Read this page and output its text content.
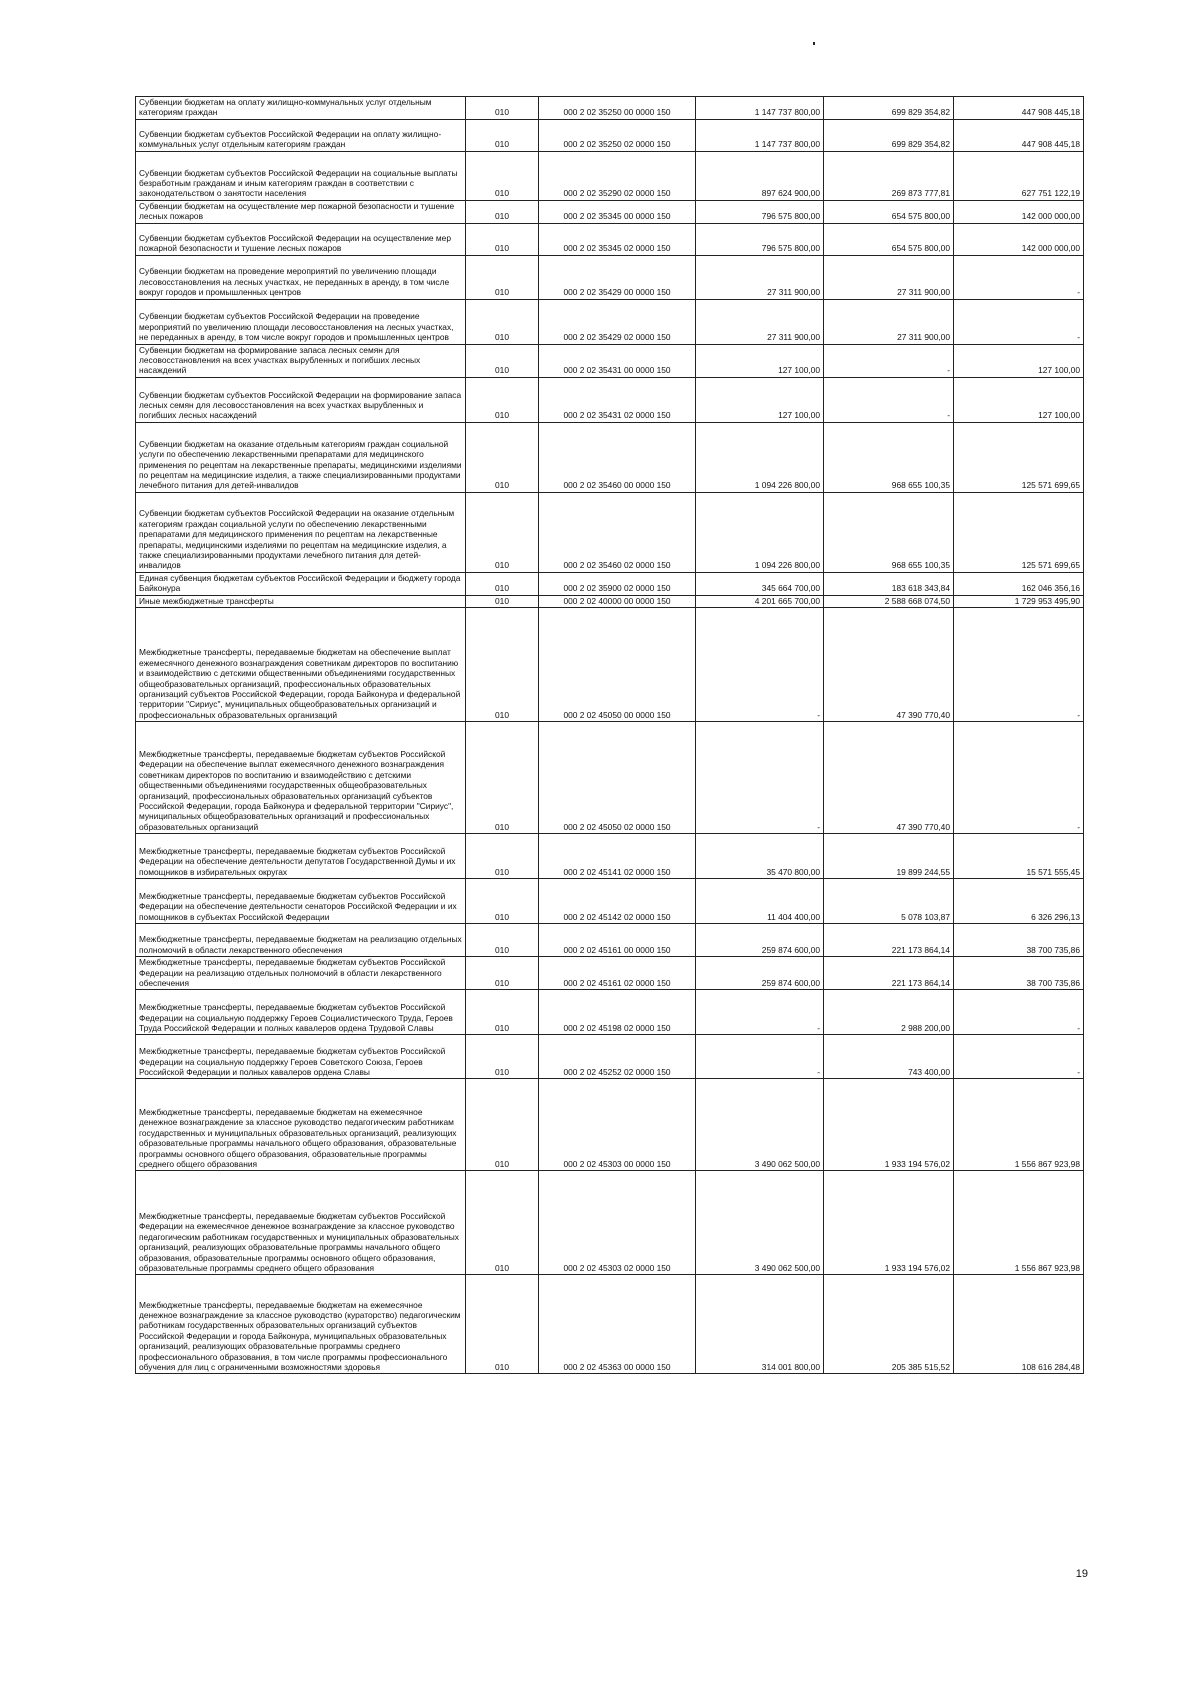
Субвенции бюджетам на оплату жилищно-коммунальных услуг отдельным категориям граждан	010	000 2 02 35250 00 0000 150	1 147 737 800,00	699 829 354,82	447 908 445,18
Субвенции бюджетам субъектов Российской Федерации на оплату жилищно-коммунальных услуг отдельным категориям граждан	010	000 2 02 35250 02 0000 150	1 147 737 800,00	699 829 354,82	447 908 445,18
Субвенции бюджетам субъектов Российской Федерации на социальные выплаты безработным гражданам и иным категориям граждан в соответствии с законодательством о занятости населения	010	000 2 02 35290 02 0000 150	897 624 900,00	269 873 777,81	627 751 122,19
Субвенции бюджетам на осуществление мер пожарной безопасности и тушение лесных пожаров	010	000 2 02 35345 00 0000 150	796 575 800,00	654 575 800,00	142 000 000,00
Субвенции бюджетам субъектов Российской Федерации на осуществление мер пожарной безопасности и тушение лесных пожаров	010	000 2 02 35345 02 0000 150	796 575 800,00	654 575 800,00	142 000 000,00
Субвенции бюджетам на проведение мероприятий по увеличению площади лесовосстановления на лесных участках, не переданных в аренду, в том числе вокруг городов и промышленных центров	010	000 2 02 35429 00 0000 150	27 311 900,00	27 311 900,00	-
Субвенции бюджетам субъектов Российской Федерации на проведение мероприятий по увеличению площади лесовосстановления на лесных участках, не переданных в аренду, в том числе вокруг городов и промышленных центров	010	000 2 02 35429 02 0000 150	27 311 900,00	27 311 900,00	-
Субвенции бюджетам на формирование запаса лесных семян для лесовосстановления на всех участках вырубленных и погибших лесных насаждений	010	000 2 02 35431 00 0000 150	127 100,00	-	127 100,00
Субвенции бюджетам субъектов Российской Федерации на формирование запаса лесных семян для лесовосстановления на всех участках вырубленных и погибших лесных насаждений	010	000 2 02 35431 02 0000 150	127 100,00	-	127 100,00
Субвенции бюджетам на оказание отдельным категориям граждан социальной услуги по обеспечению лекарственными препаратами для медицинского применения по рецептам на лекарственные препараты, медицинскими изделиями по рецептам на медицинские изделия, а также специализированными продуктами лечебного питания для детей-инвалидов	010	000 2 02 35460 00 0000 150	1 094 226 800,00	968 655 100,35	125 571 699,65
Субвенции бюджетам субъектов Российской Федерации на оказание отдельным категориям граждан социальной услуги по обеспечению лекарственными препаратами для медицинского применения по рецептам на лекарственные препараты, медицинскими изделиями по рецептам на медицинские изделия, а также специализированными продуктами лечебного питания для детей-инвалидов	010	000 2 02 35460 02 0000 150	1 094 226 800,00	968 655 100,35	125 571 699,65
Единая субвенция бюджетам субъектов Российской Федерации и бюджету города Байконура	010	000 2 02 35900 02 0000 150	345 664 700,00	183 618 343,84	162 046 356,16
Иные межбюджетные трансферты	010	000 2 02 40000 00 0000 150	4 201 665 700,00	2 588 668 074,50	1 729 953 495,90
Межбюджетные трансферты, передаваемые бюджетам на обеспечение выплат ежемесячного денежного вознаграждения советникам директоров по воспитанию и взаимодействию с детскими общественными объединениями государственных общеобразовательных организаций, профессиональных образовательных организаций субъектов Российской Федерации, города Байконура и федеральной территории "Сириус", муниципальных общеобразовательных организаций и профессиональных образовательных организаций	010	000 2 02 45050 00 0000 150	-	47 390 770,40	-
Межбюджетные трансферты, передаваемые бюджетам субъектов Российской Федерации на обеспечение выплат ежемесячного денежного вознаграждения советникам директоров по воспитанию и взаимодействию с детскими общественными объединениями государственных общеобразовательных организаций, профессиональных образовательных организаций субъектов Российской Федерации, города Байконура и федеральной территории "Сириус", муниципальных общеобразовательных организаций и профессиональных образовательных организаций	010	000 2 02 45050 02 0000 150	-	47 390 770,40	-
Межбюджетные трансферты, передаваемые бюджетам субъектов Российской Федерации на обеспечение деятельности депутатов Государственной Думы и их помощников в избирательных округах	010	000 2 02 45141 02 0000 150	35 470 800,00	19 899 244,55	15 571 555,45
Межбюджетные трансферты, передаваемые бюджетам субъектов Российской Федерации на обеспечение деятельности сенаторов Российской Федерации и их помощников в субъектах Российской Федерации	010	000 2 02 45142 02 0000 150	11 404 400,00	5 078 103,87	6 326 296,13
Межбюджетные трансферты, передаваемые бюджетам на реализацию отдельных полномочий в области лекарственного обеспечения	010	000 2 02 45161 00 0000 150	259 874 600,00	221 173 864,14	38 700 735,86
Межбюджетные трансферты, передаваемые бюджетам субъектов Российской Федерации на реализацию отдельных полномочий в области лекарственного обеспечения	010	000 2 02 45161 02 0000 150	259 874 600,00	221 173 864,14	38 700 735,86
Межбюджетные трансферты, передаваемые бюджетам субъектов Российской Федерации на социальную поддержку Героев Социалистического Труда, Героев Труда Российской Федерации и полных кавалеров ордена Трудовой Славы	010	000 2 02 45198 02 0000 150	-	2 988 200,00	-
Межбюджетные трансферты, передаваемые бюджетам субъектов Российской Федерации на социальную поддержку Героев Советского Союза, Героев Российской Федерации и полных кавалеров ордена Славы	010	000 2 02 45252 02 0000 150	-	743 400,00	-
Межбюджетные трансферты, передаваемые бюджетам на ежемесячное денежное вознаграждение за классное руководство педагогическим работникам государственных и муниципальных образовательных организаций, реализующих образовательные программы начального общего образования, образовательные программы основного общего образования, образовательные программы среднего общего образования	010	000 2 02 45303 00 0000 150	3 490 062 500,00	1 933 194 576,02	1 556 867 923,98
Межбюджетные трансферты, передаваемые бюджетам субъектов Российской Федерации на ежемесячное денежное вознаграждение за классное руководство педагогическим работникам государственных и муниципальных образовательных организаций, реализующих образовательные программы начального общего образования, образовательные программы основного общего образования, образовательные программы среднего общего образования	010	000 2 02 45303 02 0000 150	3 490 062 500,00	1 933 194 576,02	1 556 867 923,98
Межбюджетные трансферты, передаваемые бюджетам на ежемесячное денежное вознаграждение за классное руководство (кураторство) педагогическим работникам государственных образовательных организаций субъектов Российской Федерации и города Байконура, муниципальных образовательных организаций, реализующих образовательные программы среднего профессионального образования, в том числе программы профессионального обучения для лиц с ограниченными возможностями здоровья	010	000 2 02 45363 00 0000 150	314 001 800,00	205 385 515,52	108 616 284,48
19
